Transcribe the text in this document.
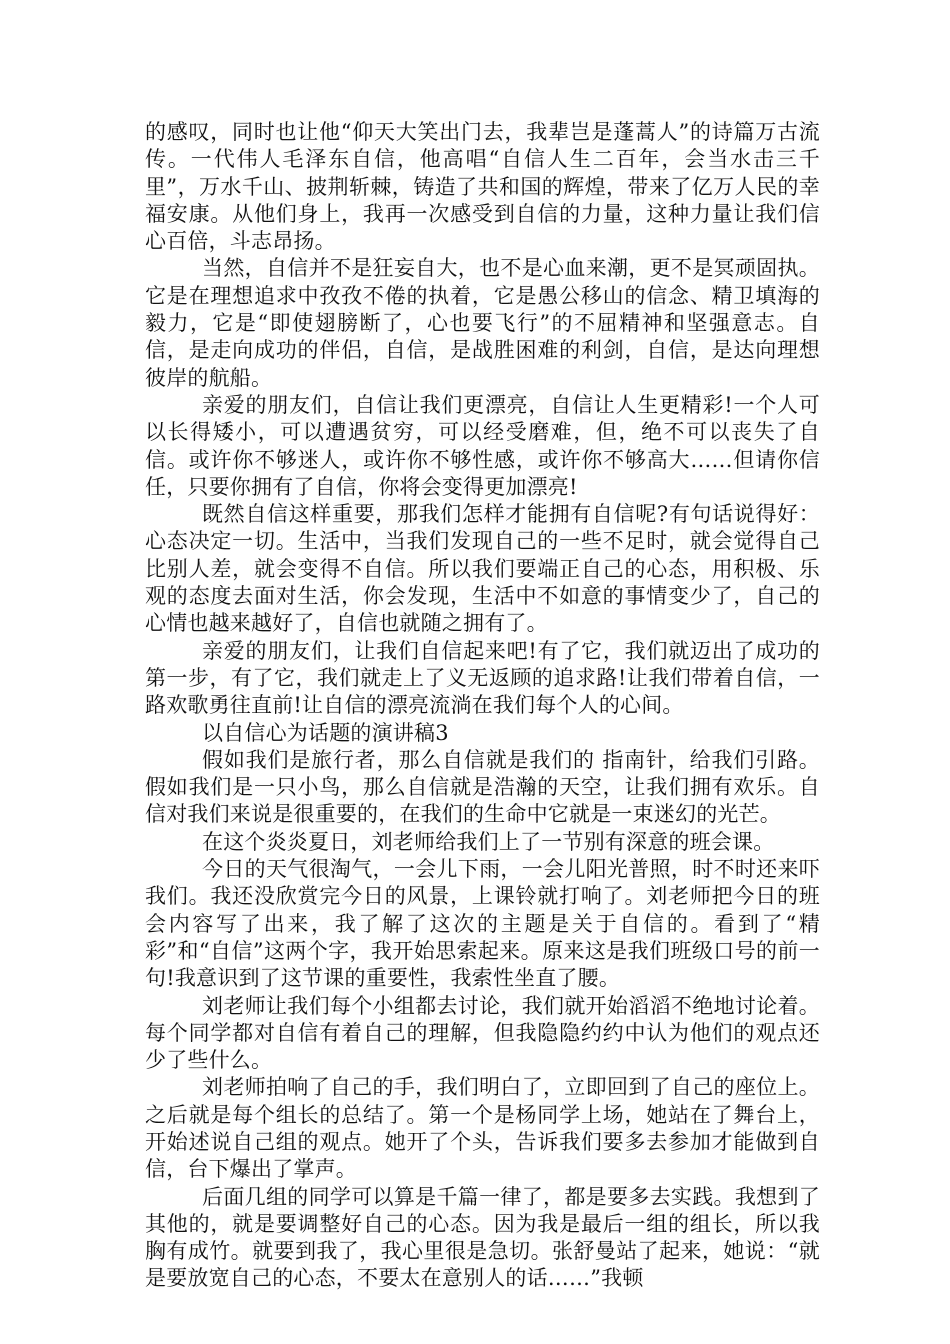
的感叹，同时也让他“仰天大笑出门去，我辈岂是蓬蒿人”的诗篇万古流传。一代伟人毛泽东自信，他高唱“自信人生二百年，会当水击三千里”，万水千山、披荆斩棘，铸造了共和国的辉煌，带来了亿万人民的幸福安康。从他们身上，我再一次感受到自信的力量，这种力量让我们信心百倍，斗志昂扬。

当然，自信并不是狂妄自大，也不是心血来潮，更不是冥顽固执。它是在理想追求中孜孜不倦的执着，它是愚公移山的信念、精卫填海的毅力，它是“即使翅膀断了，心也要飞行”的不屈精神和坚强意志。自信，是走向成功的伴侣，自信，是战胜困难的利剑，自信，是达向理想彼岸的航船。

亲爱的朋友们，自信让我们更漂亮，自信让人生更精彩!一个人可以长得矮小，可以遭遇贫穷，可以经受磨难，但，绝不可以丧失了自信。或许你不够迷人，或许你不够性感，或许你不够高大……但请你信任，只要你拥有了自信，你将会变得更加漂亮!

既然自信这样重要，那我们怎样才能拥有自信呢?有句话说得好：心态决定一切。生活中，当我们发现自己的一些不足时，就会觉得自己比别人差，就会变得不自信。所以我们要端正自己的心态，用积极、乐观的态度去面对生活，你会发现，生活中不如意的事情变少了，自己的心情也越来越好了，自信也就随之拥有了。

亲爱的朋友们，让我们自信起来吧!有了它，我们就迈出了成功的第一步，有了它，我们就走上了义无返顾的追求路!让我们带着自信，一路欢歌勇往直前!让自信的漂亮流淌在我们每个人的心间。

以自信心为话题的演讲稿3

假如我们是旅行者，那么自信就是我们的 指南针，给我们引路。假如我们是一只小鸟，那么自信就是浩瀚的天空，让我们拥有欢乐。自信对我们来说是很重要的，在我们的生命中它就是一束迷幻的光芒。

在这个炎炎夏日，刘老师给我们上了一节别有深意的班会课。

今日的天气很淘气，一会儿下雨，一会儿阳光普照，时不时还来吓我们。我还没欣赏完今日的风景，上课铃就打响了。刘老师把今日的班会内容写了出来，我了解了这次的主题是关于自信的。看到了“精彩”和“自信”这两个字，我开始思索起来。原来这是我们班级口号的前一句!我意识到了这节课的重要性，我索性坐直了腰。

刘老师让我们每个小组都去讨论，我们就开始滔滔不绝地讨论着。每个同学都对自信有着自己的理解，但我隐隐约约中认为他们的观点还少了些什么。

刘老师拍响了自己的手，我们明白了，立即回到了自己的座位上。之后就是每个组长的总结了。第一个是杨同学上场，她站在了舞台上，开始述说自己组的观点。她开了个头，告诉我们要多去参加才能做到自信，台下爆出了掌声。

后面几组的同学可以算是千篇一律了，都是要多去实践。我想到了其他的，就是要调整好自己的心态。因为我是最后一组的组长，所以我胸有成竹。就要到我了，我心里很是急切。张舒曼站了起来，她说：“就是要放宽自己的心态，不要太在意别人的话……”我顿
